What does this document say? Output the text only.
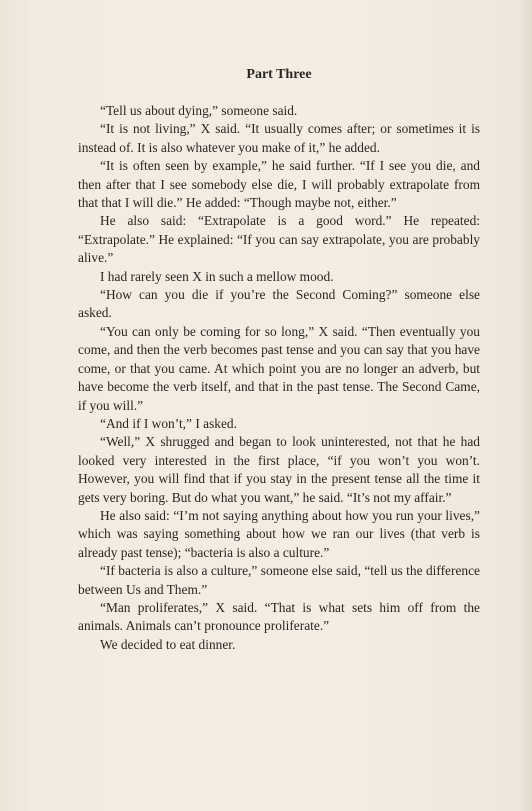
Part Three

“Tell us about dying,” someone said.

“It is not living,” X said. “It usually comes after; or sometimes it is instead of. It is also whatever you make of it,” he added.

“It is often seen by example,” he said further. “If I see you die, and then after that I see somebody else die, I will probably extrapolate from that that I will die.” He added: “Though maybe not, either.”

He also said: “Extrapolate is a good word.” He repeated: “Extrapolate.” He explained: “If you can say extrapolate, you are probably alive.”

I had rarely seen X in such a mellow mood.

“How can you die if you’re the Second Coming?” someone else asked.

“You can only be coming for so long,” X said. “Then eventually you come, and then the verb becomes past tense and you can say that you have come, or that you came. At which point you are no longer an adverb, but have become the verb itself, and that in the past tense. The Second Came, if you will.”

“And if I won’t,” I asked.

“Well,” X shrugged and began to look uninterested, not that he had looked very interested in the first place, “if you won’t you won’t. However, you will find that if you stay in the present tense all the time it gets very boring. But do what you want,” he said. “It’s not my affair.”

He also said: “I’m not saying anything about how you run your lives,” which was saying something about how we ran our lives (that verb is already past tense); “bacteria is also a culture.”

“If bacteria is also a culture,” someone else said, “tell us the difference between Us and Them.”

“Man proliferates,” X said. “That is what sets him off from the animals. Animals can’t pronounce proliferate.”

We decided to eat dinner.
